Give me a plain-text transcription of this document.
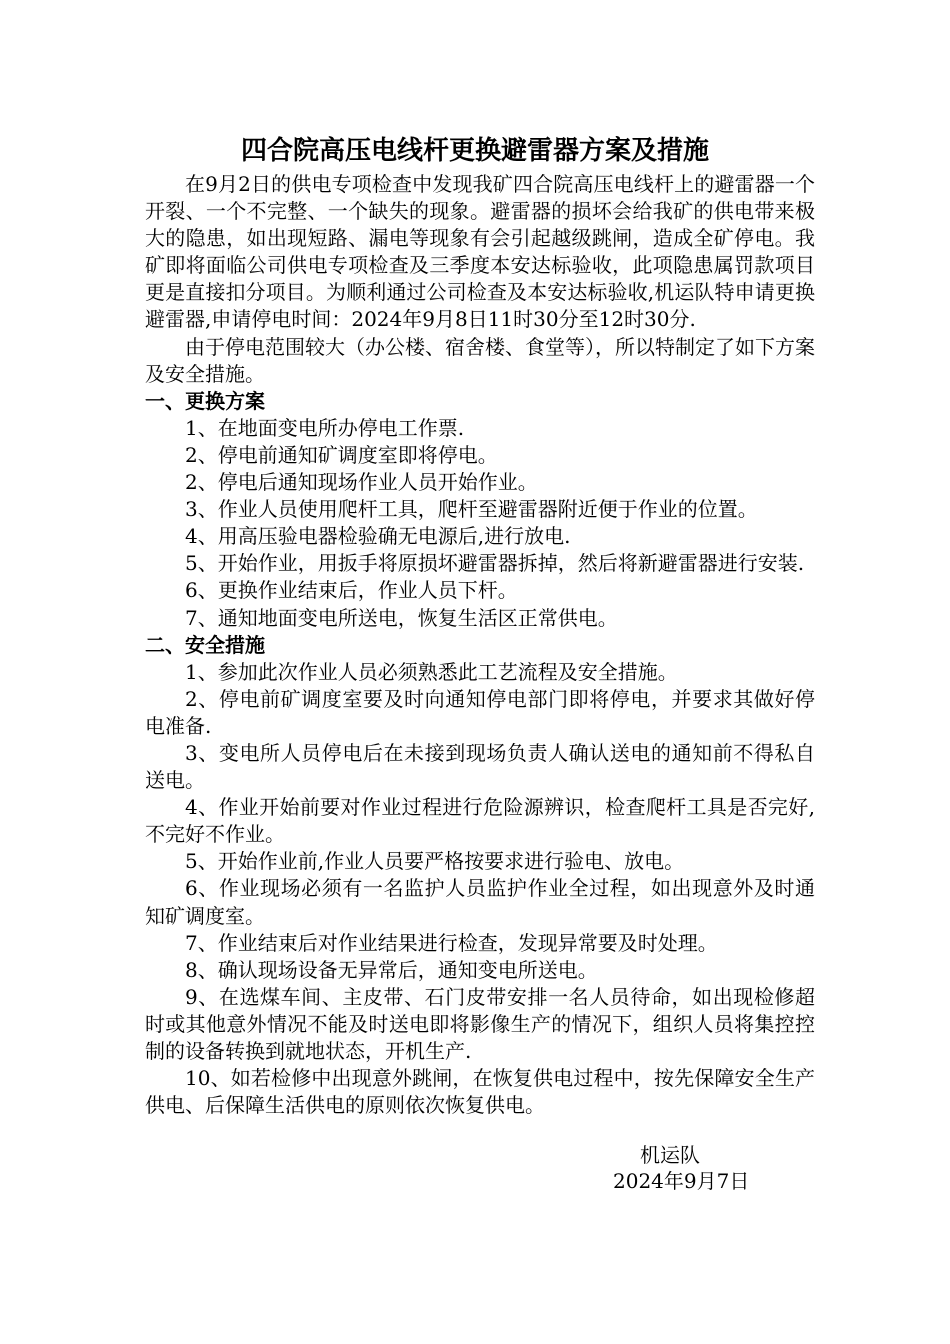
四合院高压电线杆更换避雷器方案及措施

在9月2日的供电专项检查中发现我矿四合院高压电线杆上的避雷器一个开裂、一个不完整、一个缺失的现象。避雷器的损坏会给我矿的供电带来极大的隐患，如出现短路、漏电等现象有会引起越级跳闸，造成全矿停电。我矿即将面临公司供电专项检查及三季度本安达标验收，此项隐患属罚款项目更是直接扣分项目。为顺利通过公司检查及本安达标验收,机运队特申请更换避雷器,申请停电时间：2024年9月8日11时30分至12时30分.

由于停电范围较大（办公楼、宿舍楼、食堂等），所以特制定了如下方案及安全措施。

一、更换方案

1、在地面变电所办停电工作票.

2、停电前通知矿调度室即将停电。

2、停电后通知现场作业人员开始作业。

3、作业人员使用爬杆工具，爬杆至避雷器附近便于作业的位置。

4、用高压验电器检验确无电源后,进行放电.

5、开始作业，用扳手将原损坏避雷器拆掉，然后将新避雷器进行安装.

6、更换作业结束后，作业人员下杆。

7、通知地面变电所送电，恢复生活区正常供电。

二、安全措施

1、参加此次作业人员必须熟悉此工艺流程及安全措施。

2、停电前矿调度室要及时向通知停电部门即将停电，并要求其做好停电准备.

3、变电所人员停电后在未接到现场负责人确认送电的通知前不得私自送电。

4、作业开始前要对作业过程进行危险源辨识，检查爬杆工具是否完好,不完好不作业。

5、开始作业前,作业人员要严格按要求进行验电、放电。

6、作业现场必须有一名监护人员监护作业全过程，如出现意外及时通知矿调度室。

7、作业结束后对作业结果进行检查，发现异常要及时处理。

8、确认现场设备无异常后，通知变电所送电。

9、在选煤车间、主皮带、石门皮带安排一名人员待命，如出现检修超时或其他意外情况不能及时送电即将影像生产的情况下，组织人员将集控控制的设备转换到就地状态，开机生产.

10、如若检修中出现意外跳闸，在恢复供电过程中，按先保障安全生产供电、后保障生活供电的原则依次恢复供电。

机运队
2024年9月7日
